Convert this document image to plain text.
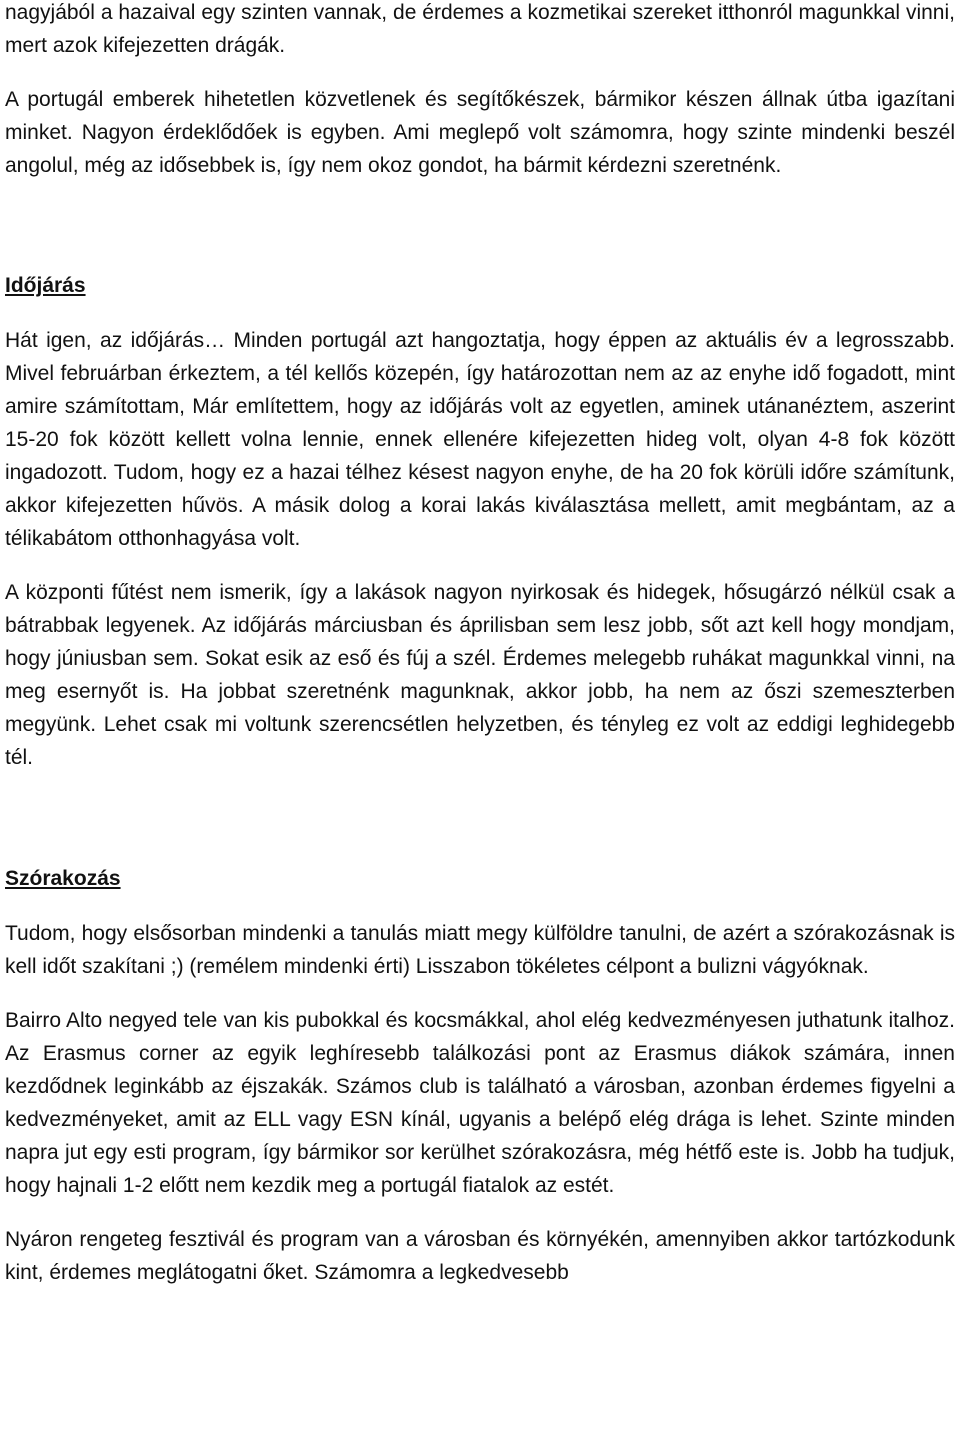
nagyjából a hazaival egy szinten vannak, de érdemes a kozmetikai szereket itthonról magunkkal vinni, mert azok kifejezetten drágák.

A portugál emberek hihetetlen közvetlenek és segítőkészek, bármikor készen állnak útba igazítani minket. Nagyon érdeklődőek is egyben. Ami meglepő volt számomra, hogy szinte mindenki beszél angolul, még az idősebbek is, így nem okoz gondot, ha bármit kérdezni szeretnénk.

Időjárás

Hát igen, az időjárás… Minden portugál azt hangoztatja, hogy éppen az aktuális év a legrosszabb. Mivel februárban érkeztem, a tél kellős közepén, így határozottan nem az az enyhe idő fogadott, mint amire számítottam, Már említettem, hogy az időjárás volt az egyetlen, aminek utánanéztem, aszerint 15-20 fok között kellett volna lennie, ennek ellenére kifejezetten hideg volt, olyan 4-8 fok között ingadozott. Tudom, hogy ez a hazai télhez késest nagyon enyhe, de ha 20 fok körüli időre számítunk, akkor kifejezetten hűvös. A másik dolog a korai lakás kiválasztása mellett, amit megbántam, az a télikabátom otthonhagyása volt.

A központi fűtést nem ismerik, így a lakások nagyon nyirkosak és hidegek, hősugárzó nélkül csak a bátrabbak legyenek. Az időjárás márciusban és áprilisban sem lesz jobb, sőt azt kell hogy mondjam, hogy júniusban sem. Sokat esik az eső és fúj a szél. Érdemes melegebb ruhákat magunkkal vinni, na meg esernyőt is. Ha jobbat szeretnénk magunknak, akkor jobb, ha nem az őszi szemeszterben megyünk. Lehet csak mi voltunk szerencsétlen helyzetben, és tényleg ez volt az eddigi leghidegebb tél.

Szórakozás

Tudom, hogy elsősorban mindenki a tanulás miatt megy külföldre tanulni, de azért a szórakozásnak is kell időt szakítani ;) (remélem mindenki érti) Lisszabon tökéletes célpont a bulizni vágyóknak.

Bairro Alto negyed tele van kis pubokkal és kocsmákkal, ahol elég kedvezményesen juthatunk italhoz. Az Erasmus corner az egyik leghíresebb találkozási pont az Erasmus diákok számára, innen kezdődnek leginkább az éjszakák. Számos club is található a városban, azonban érdemes figyelni a kedvezményeket, amit az ELL vagy ESN kínál, ugyanis a belépő elég drága is lehet. Szinte minden napra jut egy esti program, így bármikor sor kerülhet szórakozásra, még hétfő este is. Jobb ha tudjuk, hogy hajnali 1-2 előtt nem kezdik meg a portugál fiatalok az estét.

Nyáron rengeteg fesztivál és program van a városban és környékén, amennyiben akkor tartózkodunk kint, érdemes meglátogatni őket. Számomra a legkedvesebb
